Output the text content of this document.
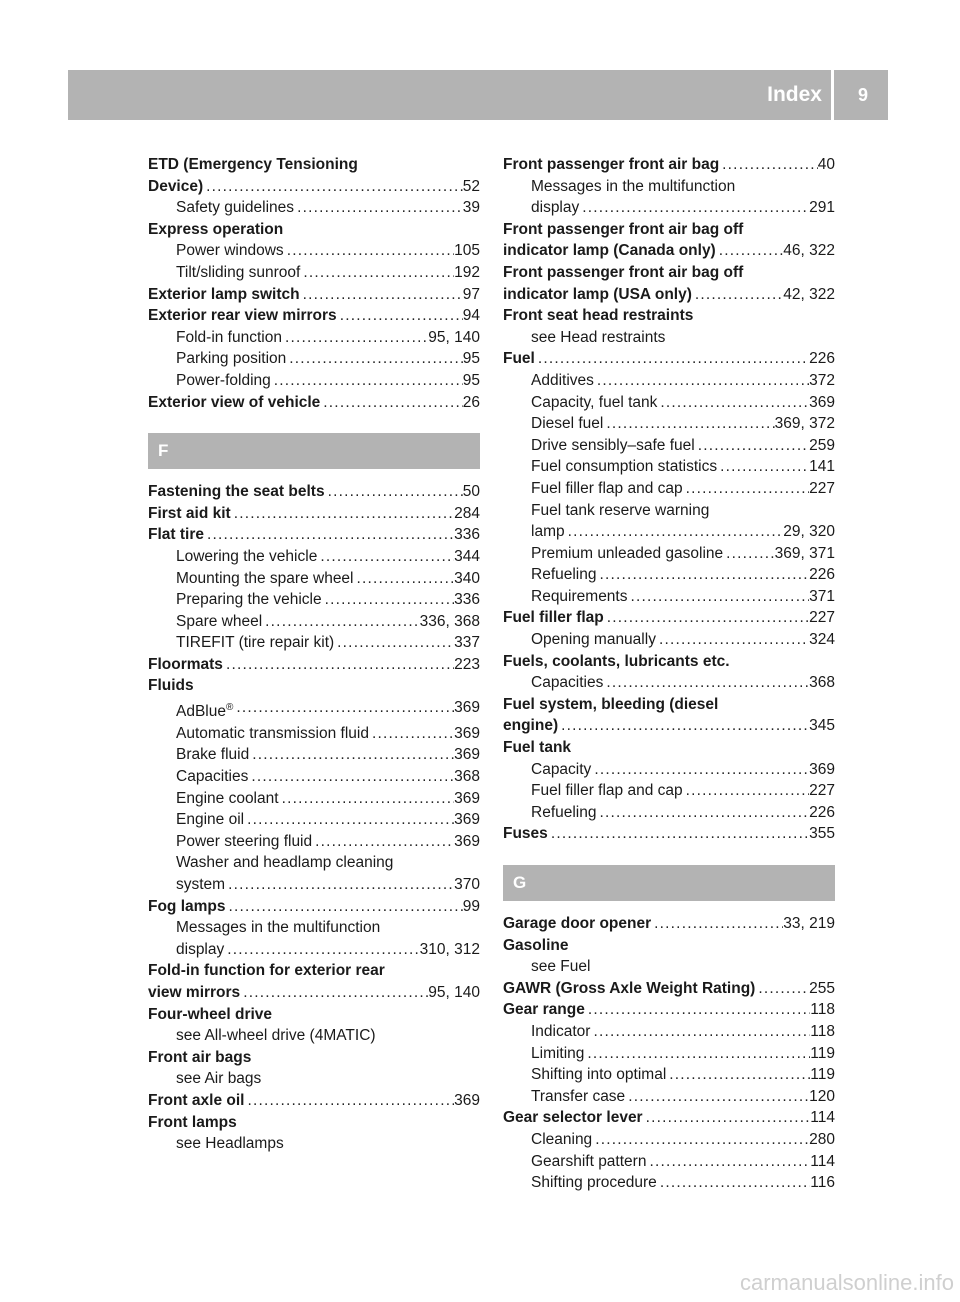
Index 9
ETD (Emergency Tensioning
Device) .....	52
Safety guidelines .....	39
Express operation
Power windows .....	105
Tilt/sliding sunroof .....	192
Exterior lamp switch .....	97
Exterior rear view mirrors .....	94
Fold-in function .....	95, 140
Parking position .....	95
Power-folding .....	95
Exterior view of vehicle .....	26
F
Fastening the seat belts .....	50
First aid kit .....	284
Flat tire .....	336
Lowering the vehicle .....	344
Mounting the spare wheel .....	340
Preparing the vehicle .....	336
Spare wheel .....	336, 368
TIREFIT (tire repair kit) .....	337
Floormats .....	223
Fluids
AdBlue® .....	369
Automatic transmission fluid .....	369
Brake fluid .....	369
Capacities .....	368
Engine coolant .....	369
Engine oil .....	369
Power steering fluid .....	369
Washer and headlamp cleaning
system .....	370
Fog lamps .....	99
Messages in the multifunction
display .....	310, 312
Fold-in function for exterior rear
view mirrors .....	95, 140
Four-wheel drive
see All-wheel drive (4MATIC)
Front air bags
see Air bags
Front axle oil .....	369
Front lamps
see Headlamps
Front passenger front air bag .....	40
Messages in the multifunction
display .....	291
Front passenger front air bag off
indicator lamp (Canada only) .....	46, 322
Front passenger front air bag off
indicator lamp (USA only) .....	42, 322
Front seat head restraints
see Head restraints
Fuel .....	226
Additives .....	372
Capacity, fuel tank .....	369
Diesel fuel .....	369, 372
Drive sensibly–safe fuel .....	259
Fuel consumption statistics .....	141
Fuel filler flap and cap .....	227
Fuel tank reserve warning
lamp .....	29, 320
Premium unleaded gasoline .....	369, 371
Refueling .....	226
Requirements .....	371
Fuel filler flap .....	227
Opening manually .....	324
Fuels, coolants, lubricants etc.
Capacities .....	368
Fuel system, bleeding (diesel
engine) .....	345
Fuel tank
Capacity .....	369
Fuel filler flap and cap .....	227
Refueling .....	226
Fuses .....	355
G
Garage door opener .....	33, 219
Gasoline
see Fuel
GAWR (Gross Axle Weight Rating) .....	255
Gear range .....	118
Indicator .....	118
Limiting .....	119
Shifting into optimal .....	119
Transfer case .....	120
Gear selector lever .....	114
Cleaning .....	280
Gearshift pattern .....	114
Shifting procedure .....	116
carmanualsonline.info
